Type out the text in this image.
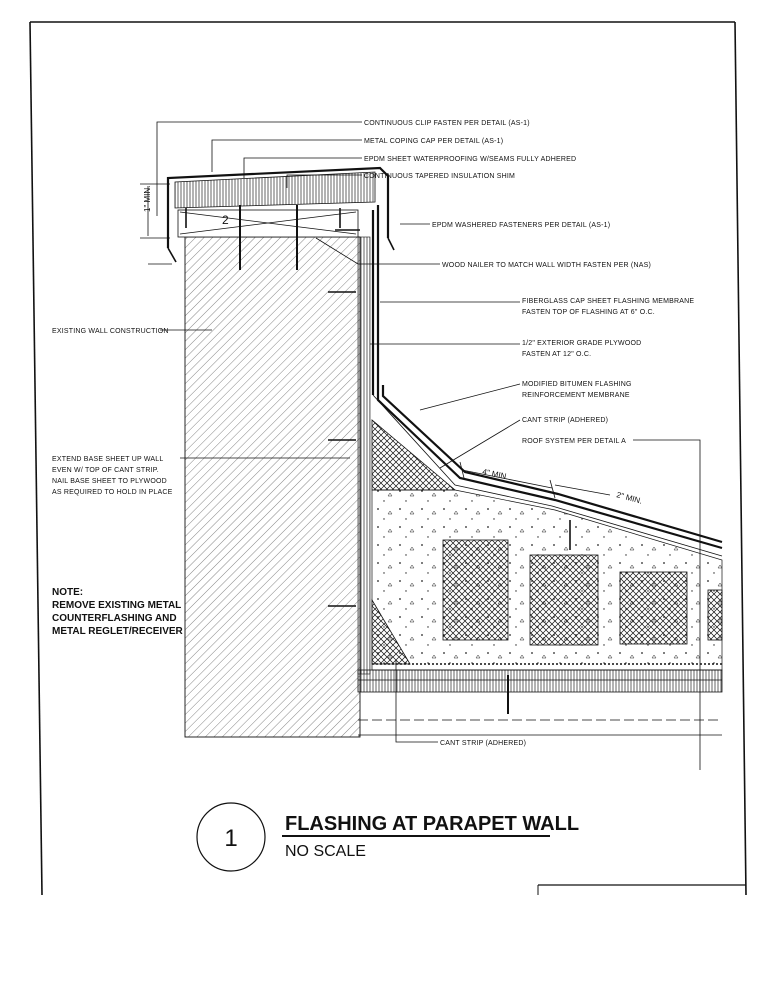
CONTINUOUS CLIP FASTEN PER DETAIL (AS-1)
METAL COPING CAP PER DETAIL (AS-1)
EPDM SHEET WATERPROOFING W/SEAMS FULLY ADHERED
CONTINUOUS TAPERED INSULATION SHIM
EPDM WASHERED FASTENERS PER DETAIL (AS-1)
WOOD NAILER TO MATCH WALL WIDTH FASTEN PER (NAS)
FIBERGLASS CAP SHEET FLASHING MEMBRANE
FASTEN TOP OF FLASHING AT 6" O.C.
1/2" EXTERIOR GRADE PLYWOOD
FASTEN AT 12" O.C.
MODIFIED BITUMEN FLASHING
REINFORCEMENT MEMBRANE
CANT STRIP (ADHERED)
ROOF SYSTEM PER DETAIL A
EXISTING WALL CONSTRUCTION
EXTEND BASE SHEET UP WALL
EVEN W/ TOP OF CANT STRIP.
NAIL BASE SHEET TO PLYWOOD
AS REQUIRED TO HOLD IN PLACE
CANT STRIP (ADHERED)
1" MIN.
4" MIN.
2" MIN.
2
NOTE:
REMOVE EXISTING METAL
COUNTERFLASHING AND
METAL REGLET/RECEIVER
1
FLASHING AT PARAPET WALL
NO SCALE
